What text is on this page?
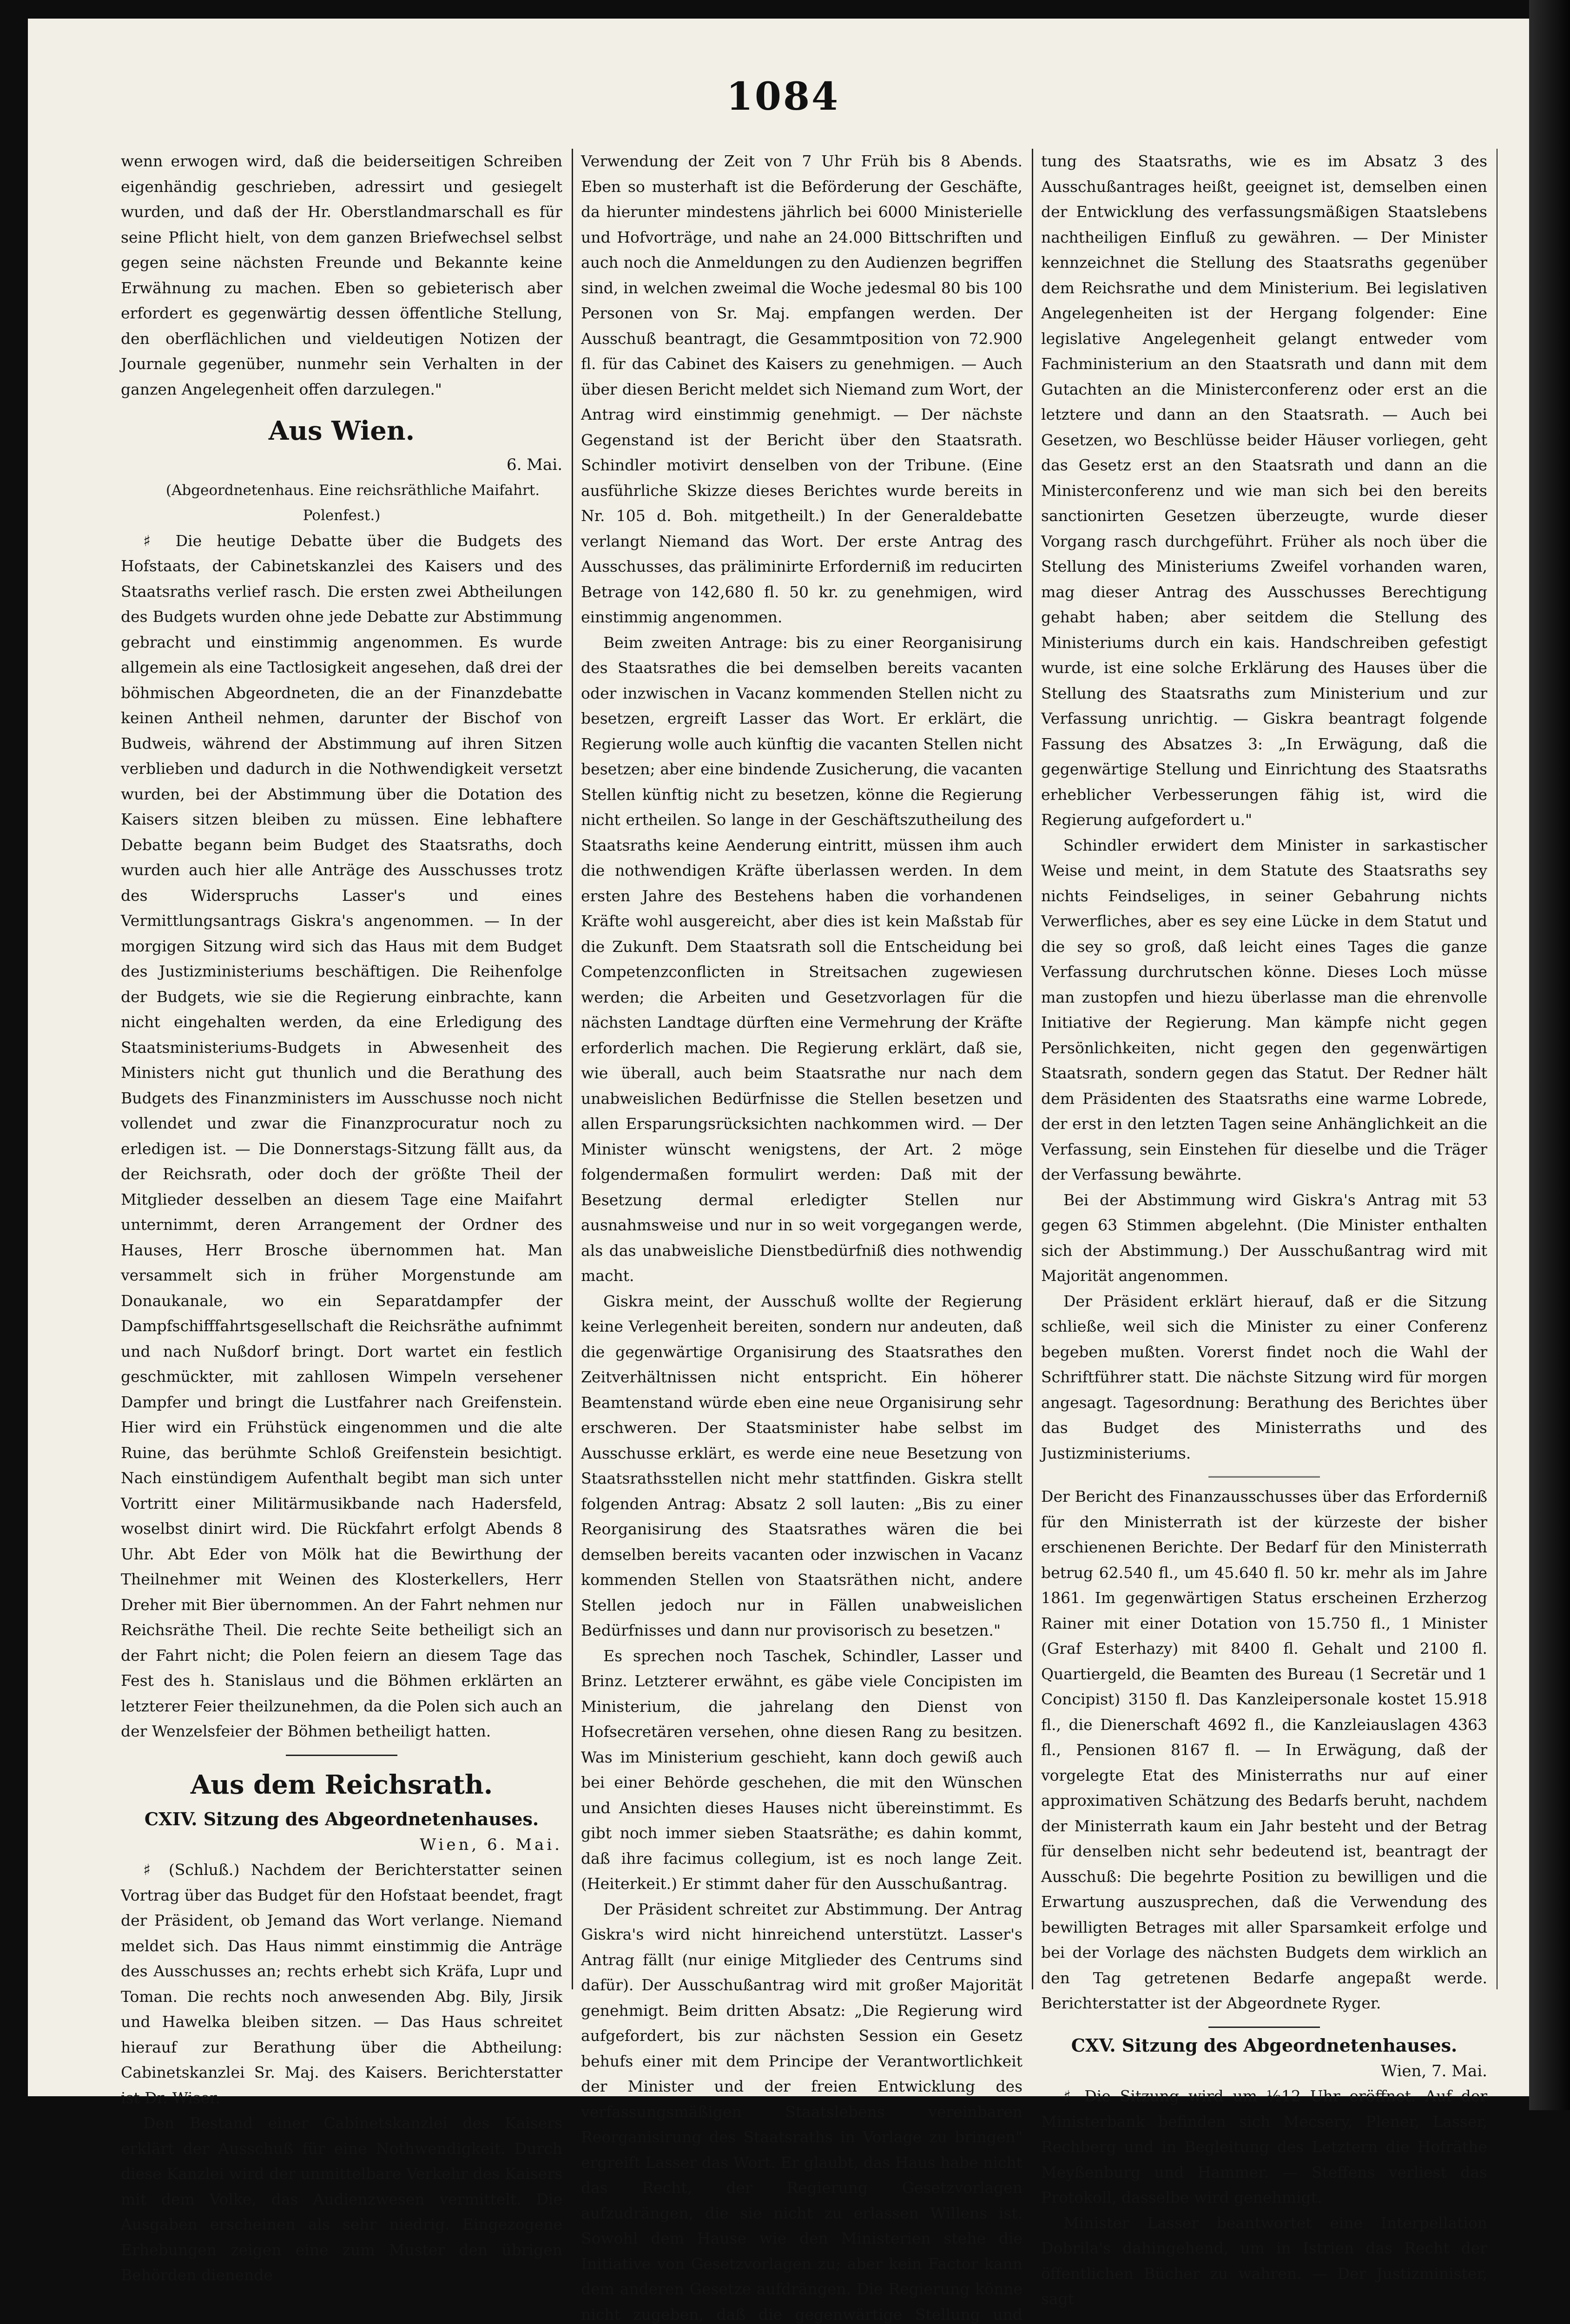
1084

wenn erwogen wird, daß die beiderseitigen Schreiben eigenhändig geschrieben, adressirt und gesiegelt wurden, und daß der Hr. Oberstlandmarschall es für seine Pflicht hielt, von dem ganzen Briefwechsel selbst gegen seine nächsten Freunde und Bekannte keine Erwähnung zu machen. Eben so gebieterisch aber erfordert es gegenwärtig dessen öffentliche Stellung, den oberflächlichen und vieldeutigen Notizen der Journale gegenüber, nunmehr sein Verhalten in der ganzen Angelegenheit offen darzulegen."

Aus Wien.

6. Mai.

(Abgeordnetenhaus. Eine reichsräthliche Maifahrt. Polenfest.)

♯ Die heutige Debatte über die Budgets des Hofstaats, der Cabinetskanzlei des Kaisers und des Staatsraths verlief rasch. Die ersten zwei Abtheilungen des Budgets wurden ohne jede Debatte zur Abstimmung gebracht und einstimmig angenommen. Es wurde allgemein als eine Tactlosigkeit angesehen, daß drei der böhmischen Abgeordneten, die an der Finanzdebatte keinen Antheil nehmen, darunter der Bischof von Budweis, während der Abstimmung auf ihren Sitzen verblieben und dadurch in die Nothwendigkeit versetzt wurden, bei der Abstimmung über die Dotation des Kaisers sitzen bleiben zu müssen. Eine lebhaftere Debatte begann beim Budget des Staatsraths, doch wurden auch hier alle Anträge des Ausschusses trotz des Widerspruchs Lasser's und eines Vermittlungsantrags Giskra's angenommen. — In der morgigen Sitzung wird sich das Haus mit dem Budget des Justizministeriums beschäftigen. Die Reihenfolge der Budgets, wie sie die Regierung einbrachte, kann nicht eingehalten werden, da eine Erledigung des Staatsministeriums-Budgets in Abwesenheit des Ministers nicht gut thunlich und die Berathung des Budgets des Finanzministers im Ausschusse noch nicht vollendet und zwar die Finanzprocuratur noch zu erledigen ist. — Die Donnerstags-Sitzung fällt aus, da der Reichsrath, oder doch der größte Theil der Mitglieder desselben an diesem Tage eine Maifahrt unternimmt, deren Arrangement der Ordner des Hauses, Herr Brosche übernommen hat. Man versammelt sich in früher Morgenstunde am Donaukanale, wo ein Separatdampfer der Dampfschifffahrtsgesellschaft die Reichsräthe aufnimmt und nach Nußdorf bringt. Dort wartet ein festlich geschmückter, mit zahllosen Wimpeln versehener Dampfer und bringt die Lustfahrer nach Greifenstein. Hier wird ein Frühstück eingenommen und die alte Ruine, das berühmte Schloß Greifenstein besichtigt. Nach einstündigem Aufenthalt begibt man sich unter Vortritt einer Militärmusikbande nach Hadersfeld, woselbst dinirt wird. Die Rückfahrt erfolgt Abends 8 Uhr. Abt Eder von Mölk hat die Bewirthung der Theilnehmer mit Weinen des Klosterkellers, Herr Dreher mit Bier übernommen. An der Fahrt nehmen nur Reichsräthe Theil. Die rechte Seite betheiligt sich an der Fahrt nicht; die Polen feiern an diesem Tage das Fest des h. Stanislaus und die Böhmen erklärten an letzterer Feier theilzunehmen, da die Polen sich auch an der Wenzelsfeier der Böhmen betheiligt hatten.

Aus dem Reichsrath.

CXIV. Sitzung des Abgeordnetenhauses.

Wien, 6. Mai.

♯ (Schluß.) Nachdem der Berichterstatter seinen Vortrag über das Budget für den Hofstaat beendet, fragt der Präsident, ob Jemand das Wort verlange. Niemand meldet sich. Das Haus nimmt einstimmig die Anträge des Ausschusses an; rechts erhebt sich Kräfa, Lupr und Toman. Die rechts noch anwesenden Abg. Bily, Jirsik und Hawelka bleiben sitzen. — Das Haus schreitet hierauf zur Berathung über die Abtheilung: Cabinetskanzlei Sr. Maj. des Kaisers. Berichterstatter ist Dr. Wiser.

Den Bestand einer Cabinetskanzlei des Kaisers erklärt der Ausschuß für eine Nothwendigkeit. Durch diese Kanzlei wird der unmittelbare Verkehr des Kaisers mit dem Volke, das Audienzwesen vermittelt. Die Ausgaben erscheinen als sehr niedrig. Eingezogene Erhebungen zeigen eine zum Muster den übrigen Behörden dienende

Verwendung der Zeit von 7 Uhr Früh bis 8 Abends. Eben so musterhaft ist die Beförderung der Geschäfte, da hierunter mindestens jährlich bei 6000 Ministerielle und Hofvorträge, und nahe an 24.000 Bittschriften und auch noch die Anmeldungen zu den Audienzen begriffen sind, in welchen zweimal die Woche jedesmal 80 bis 100 Personen von Sr. Maj. empfangen werden. Der Ausschuß beantragt, die Gesammtposition von 72.900 fl. für das Cabinet des Kaisers zu genehmigen. — Auch über diesen Bericht meldet sich Niemand zum Wort, der Antrag wird einstimmig genehmigt. — Der nächste Gegenstand ist der Bericht über den Staatsrath. Schindler motivirt denselben von der Tribune. (Eine ausführliche Skizze dieses Berichtes wurde bereits in Nr. 105 d. Boh. mitgetheilt.) In der Generaldebatte verlangt Niemand das Wort. Der erste Antrag des Ausschusses, das präliminirte Erforderniß im reducirten Betrage von 142,680 fl. 50 kr. zu genehmigen, wird einstimmig angenommen.

Beim zweiten Antrage: bis zu einer Reorganisirung des Staatsrathes die bei demselben bereits vacanten oder inzwischen in Vacanz kommenden Stellen nicht zu besetzen, ergreift Lasser das Wort. Er erklärt, die Regierung wolle auch künftig die vacanten Stellen nicht besetzen; aber eine bindende Zusicherung, die vacanten Stellen künftig nicht zu besetzen, könne die Regierung nicht ertheilen. So lange in der Geschäftszutheilung des Staatsraths keine Aenderung eintritt, müssen ihm auch die nothwendigen Kräfte überlassen werden. In dem ersten Jahre des Bestehens haben die vorhandenen Kräfte wohl ausgereicht, aber dies ist kein Maßstab für die Zukunft. Dem Staatsrath soll die Entscheidung bei Competenzconflicten in Streitsachen zugewiesen werden; die Arbeiten und Gesetzvorlagen für die nächsten Landtage dürften eine Vermehrung der Kräfte erforderlich machen. Die Regierung erklärt, daß sie, wie überall, auch beim Staatsrathe nur nach dem unabweislichen Bedürfnisse die Stellen besetzen und allen Ersparungsrücksichten nachkommen wird. — Der Minister wünscht wenigstens, der Art. 2 möge folgendermaßen formulirt werden: Daß mit der Besetzung dermal erledigter Stellen nur ausnahmsweise und nur in so weit vorgegangen werde, als das unabweisliche Dienstbedürfniß dies nothwendig macht.

Giskra meint, der Ausschuß wollte der Regierung keine Verlegenheit bereiten, sondern nur andeuten, daß die gegenwärtige Organisirung des Staatsrathes den Zeitverhältnissen nicht entspricht. Ein höherer Beamtenstand würde eben eine neue Organisirung sehr erschweren. Der Staatsminister habe selbst im Ausschusse erklärt, es werde eine neue Besetzung von Staatsrathsstellen nicht mehr stattfinden. Giskra stellt folgenden Antrag: Absatz 2 soll lauten: „Bis zu einer Reorganisirung des Staatsrathes wären die bei demselben bereits vacanten oder inzwischen in Vacanz kommenden Stellen von Staatsräthen nicht, andere Stellen jedoch nur in Fällen unabweislichen Bedürfnisses und dann nur provisorisch zu besetzen."

Es sprechen noch Taschek, Schindler, Lasser und Brinz. Letzterer erwähnt, es gäbe viele Concipisten im Ministerium, die jahrelang den Dienst von Hofsecretären versehen, ohne diesen Rang zu besitzen. Was im Ministerium geschieht, kann doch gewiß auch bei einer Behörde geschehen, die mit den Wünschen und Ansichten dieses Hauses nicht übereinstimmt. Es gibt noch immer sieben Staatsräthe; es dahin kommt, daß ihre facimus collegium, ist es noch lange Zeit. (Heiterkeit.) Er stimmt daher für den Ausschußantrag.

Der Präsident schreitet zur Abstimmung. Der Antrag Giskra's wird nicht hinreichend unterstützt. Lasser's Antrag fällt (nur einige Mitglieder des Centrums sind dafür). Der Ausschußantrag wird mit großer Majorität genehmigt. Beim dritten Absatz: „Die Regierung wird aufgefordert, bis zur nächsten Session ein Gesetz behufs einer mit dem Principe der Verantwortlichkeit der Minister und der freien Entwicklung des verfassungsmäßigen Staatslebens vereinbaren Reorganisirung des Staatsraths in Vorlage zu bringen" ergreift Lasser das Wort. Er glaubt, das Haus habe nicht das Recht, der Regierung Gesetzvorlagen aufzudrängen, die sie nicht zu erlassen Willens ist. Sowohl dem Hause wie den Ministerien stehe die Initiative von Gesetzvorlagen zu; aber kein Factor kann dem anderen Gesetze aufdrängen. Die Regierung könne nicht zugeben, daß die gegenwärtige Stellung und

tung des Staatsraths, wie es im Absatz 3 des Ausschußantrages heißt, geeignet ist, demselben einen der Entwicklung des verfassungsmäßigen Staatslebens nachtheiligen Einfluß zu gewähren. — Der Minister kennzeichnet die Stellung des Staatsraths gegenüber dem Reichsrathe und dem Ministerium. Bei legislativen Angelegenheiten ist der Hergang folgender: Eine legislative Angelegenheit gelangt entweder vom Fachministerium an den Staatsrath und dann mit dem Gutachten an die Ministerconferenz oder erst an die letztere und dann an den Staatsrath. — Auch bei Gesetzen, wo Beschlüsse beider Häuser vorliegen, geht das Gesetz erst an den Staatsrath und dann an die Ministerconferenz und wie man sich bei den bereits sanctionirten Gesetzen überzeugte, wurde dieser Vorgang rasch durchgeführt. Früher als noch über die Stellung des Ministeriums Zweifel vorhanden waren, mag dieser Antrag des Ausschusses Berechtigung gehabt haben; aber seitdem die Stellung des Ministeriums durch ein kais. Handschreiben gefestigt wurde, ist eine solche Erklärung des Hauses über die Stellung des Staatsraths zum Ministerium und zur Verfassung unrichtig. — Giskra beantragt folgende Fassung des Absatzes 3: „In Erwägung, daß die gegenwärtige Stellung und Einrichtung des Staatsraths erheblicher Verbesserungen fähig ist, wird die Regierung aufgefordert u."

Schindler erwidert dem Minister in sarkastischer Weise und meint, in dem Statute des Staatsraths sey nichts Feindseliges, in seiner Gebahrung nichts Verwerfliches, aber es sey eine Lücke in dem Statut und die sey so groß, daß leicht eines Tages die ganze Verfassung durchrutschen könne. Dieses Loch müsse man zustopfen und hiezu überlasse man die ehrenvolle Initiative der Regierung. Man kämpfe nicht gegen Persönlichkeiten, nicht gegen den gegenwärtigen Staatsrath, sondern gegen das Statut. Der Redner hält dem Präsidenten des Staatsraths eine warme Lobrede, der erst in den letzten Tagen seine Anhänglichkeit an die Verfassung, sein Einstehen für dieselbe und die Träger der Verfassung bewährte.

Bei der Abstimmung wird Giskra's Antrag mit 53 gegen 63 Stimmen abgelehnt. (Die Minister enthalten sich der Abstimmung.) Der Ausschußantrag wird mit Majorität angenommen.

Der Präsident erklärt hierauf, daß er die Sitzung schließe, weil sich die Minister zu einer Conferenz begeben mußten. Vorerst findet noch die Wahl der Schriftführer statt. Die nächste Sitzung wird für morgen angesagt. Tagesordnung: Berathung des Berichtes über das Budget des Ministerraths und des Justizministeriums.

Der Bericht des Finanzausschusses über das Erforderniß für den Ministerrath ist der kürzeste der bisher erschienenen Berichte. Der Bedarf für den Ministerrath betrug 62.540 fl., um 45.640 fl. 50 kr. mehr als im Jahre 1861. Im gegenwärtigen Status erscheinen Erzherzog Rainer mit einer Dotation von 15.750 fl., 1 Minister (Graf Esterhazy) mit 8400 fl. Gehalt und 2100 fl. Quartiergeld, die Beamten des Bureau (1 Secretär und 1 Concipist) 3150 fl. Das Kanzleipersonale kostet 15.918 fl., die Dienerschaft 4692 fl., die Kanzleiauslagen 4363 fl., Pensionen 8167 fl. — In Erwägung, daß der vorgelegte Etat des Ministerraths nur auf einer approximativen Schätzung des Bedarfs beruht, nachdem der Ministerrath kaum ein Jahr besteht und der Betrag für denselben nicht sehr bedeutend ist, beantragt der Ausschuß: Die begehrte Position zu bewilligen und die Erwartung auszusprechen, daß die Verwendung des bewilligten Betrages mit aller Sparsamkeit erfolge und bei der Vorlage des nächsten Budgets dem wirklich an den Tag getretenen Bedarfe angepaßt werde. Berichterstatter ist der Abgeordnete Ryger.

CXV. Sitzung des Abgeordnetenhauses.

Wien, 7. Mai.

♯ Die Sitzung wird um ½12 Uhr eröffnet. Auf der Ministerbank befinden sich Mecsery, Plener, Lasser, Rechberg und in Begleitung des Letztern die Hofräthe Meyßenburg und Hammer. — Steffens verliest das Protokoll, dasselbe wird genehmigt.

Minister Lasser beantwortet eine Interpellation Dobrila's dahingehend, um in Istrien das Recht der öffentlichen Bücher zu wahren. — Der Justizminister, sagt
